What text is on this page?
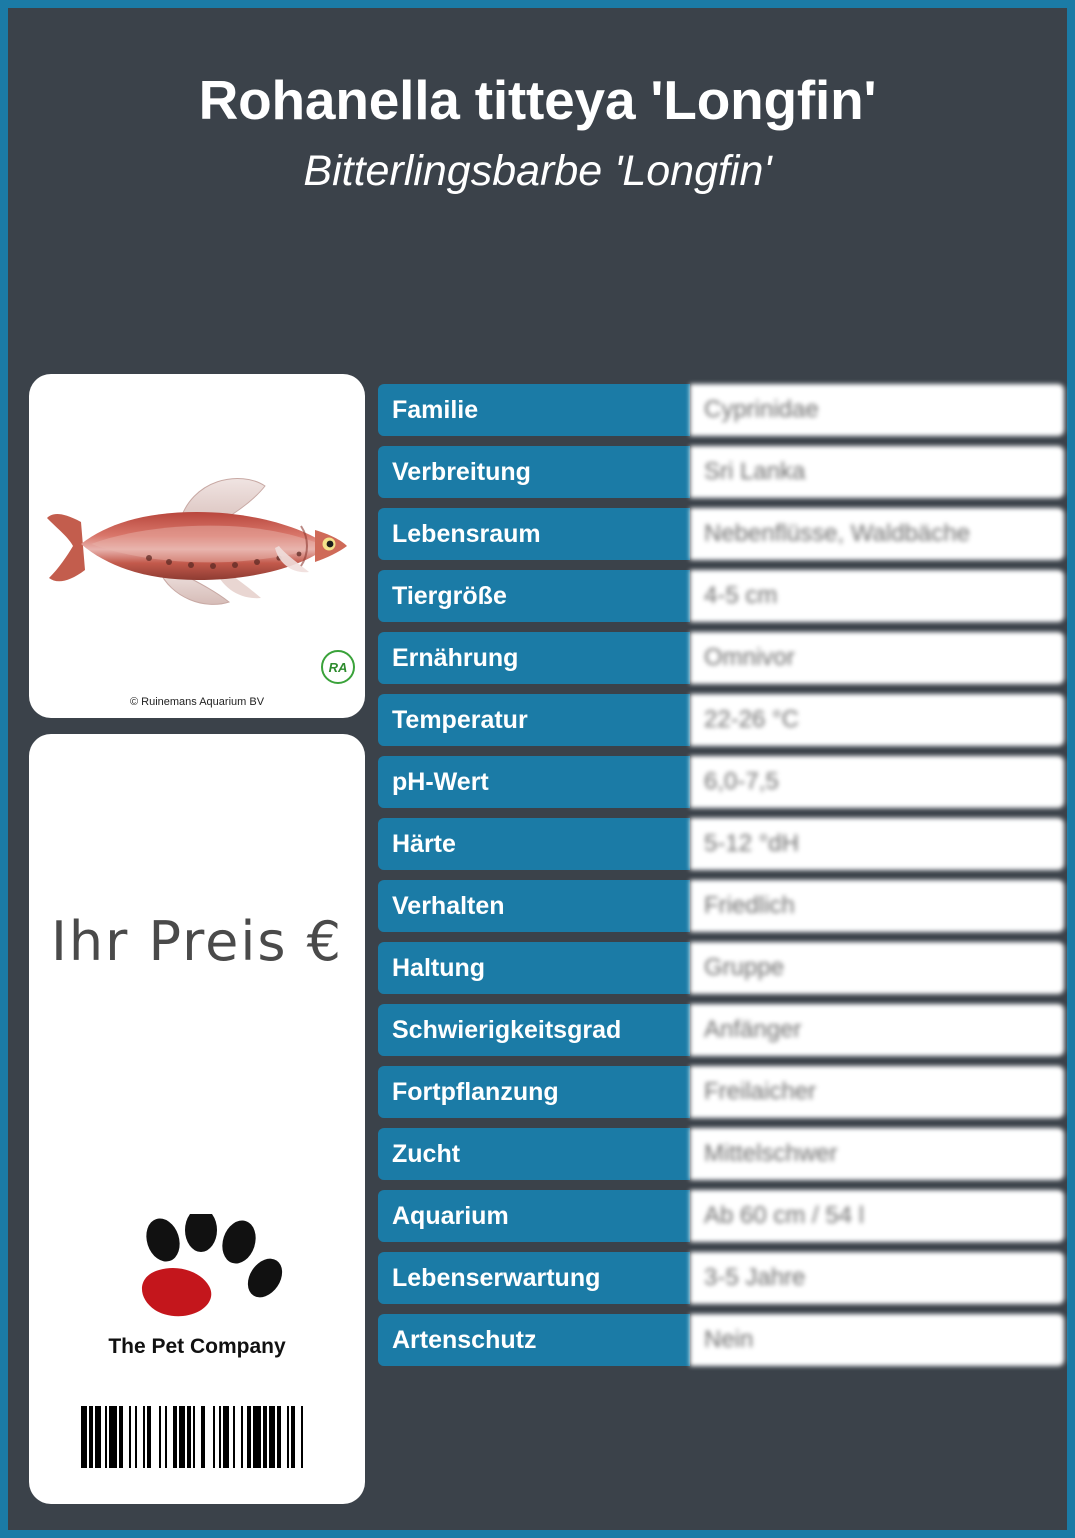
Rohanella titteya 'Longfin'
Bitterlingsbarbe 'Longfin'
RA
© Ruinemans Aquarium BV
Ihr Preis €
The Pet Company
Familie	Cyprinidae
Verbreitung	Sri Lanka
Lebensraum	Nebenflüsse, Waldbäche
Tiergröße	4-5 cm
Ernährung	Omnivor
Temperatur	22-26 °C
pH-Wert	6,0-7,5
Härte	5-12 °dH
Verhalten	Friedlich
Haltung	Gruppe
Schwierigkeitsgrad	Anfänger
Fortpflanzung	Freilaicher
Zucht	Mittelschwer
Aquarium	Ab 60 cm / 54 l
Lebenserwartung	3-5 Jahre
Artenschutz	Nein
